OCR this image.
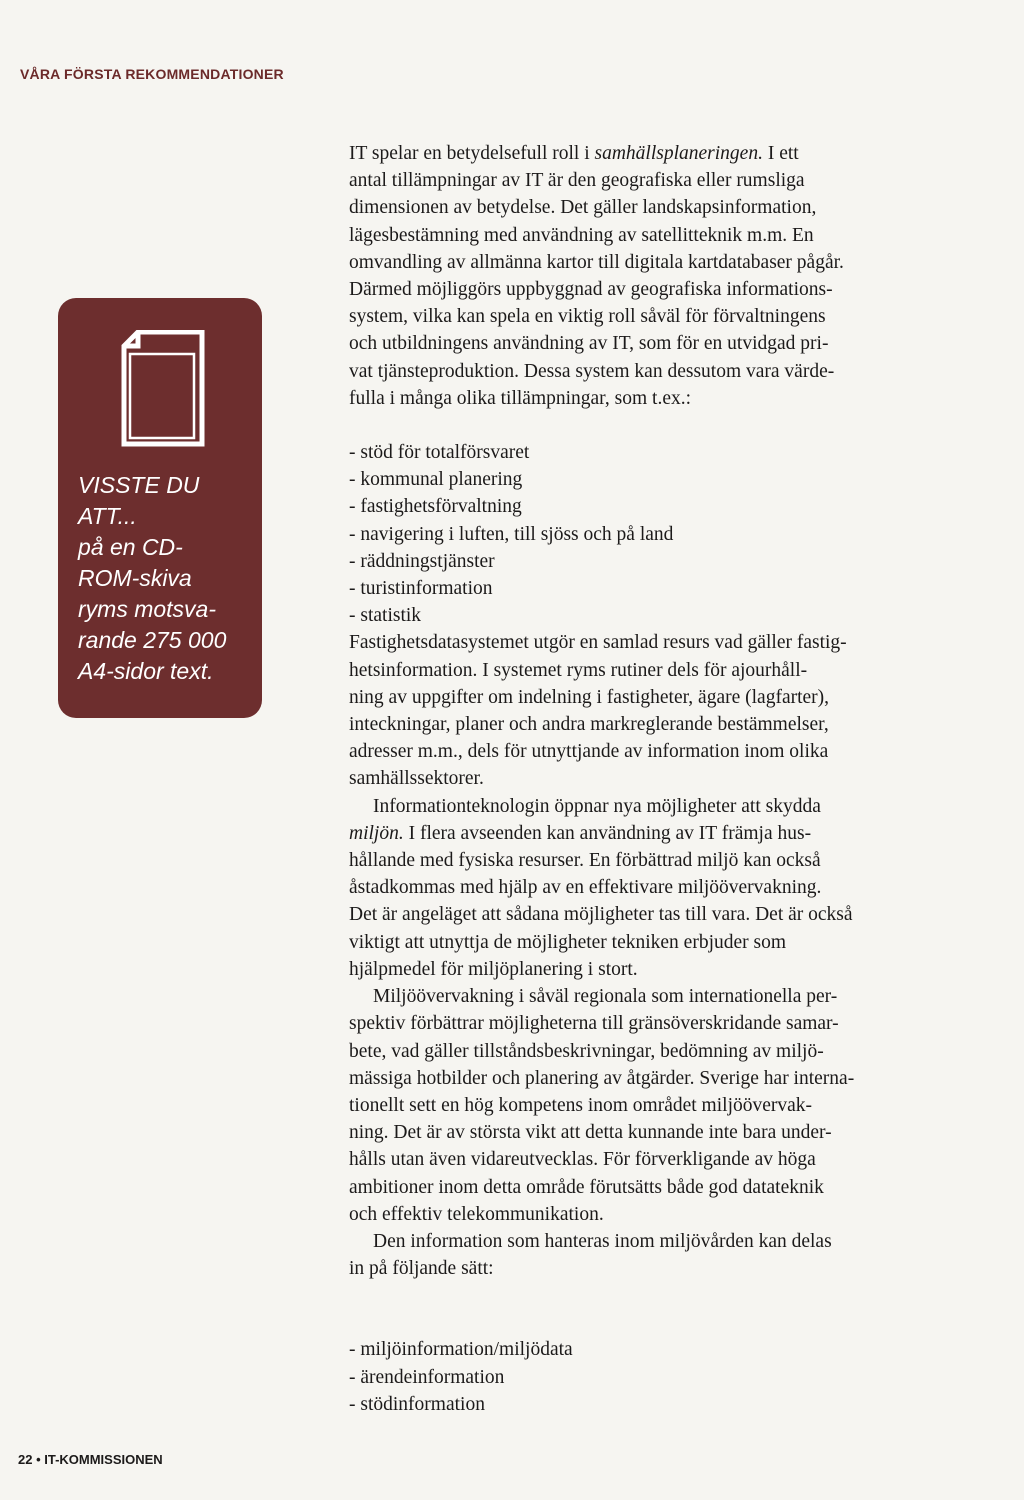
VÅRA FÖRSTA REKOMMENDATIONER

VISSTE DU
ATT...
på en CD-
ROM-skiva
ryms motsva-
rande 275 000
A4-sidor text.

IT spelar en betydelsefull roll i samhällsplaneringen. I ett
antal tillämpningar av IT är den geografiska eller rumsliga
dimensionen av betydelse. Det gäller landskapsinformation,
lägesbestämning med användning av satellitteknik m.m. En
omvandling av allmänna kartor till digitala kartdatabaser pågår.
Därmed möjliggörs uppbyggnad av geografiska informations-
system, vilka kan spela en viktig roll såväl för förvaltningens
och utbildningens användning av IT, som för en utvidgad pri-
vat tjänsteproduktion. Dessa system kan dessutom vara värde-
fulla i många olika tillämpningar, som t.ex.:

- stöd för totalförsvaret
- kommunal planering
- fastighetsförvaltning
- navigering i luften, till sjöss och på land
- räddningstjänster
- turistinformation
- statistik

Fastighetsdatasystemet utgör en samlad resurs vad gäller fastig-
hetsinformation. I systemet ryms rutiner dels för ajourhåll-
ning av uppgifter om indelning i fastigheter, ägare (lagfarter),
inteckningar, planer och andra markreglerande bestämmelser,
adresser m.m., dels för utnyttjande av information inom olika
samhällssektorer.

Informationteknologin öppnar nya möjligheter att skydda
miljön. I flera avseenden kan användning av IT främja hus-
hållande med fysiska resurser. En förbättrad miljö kan också
åstadkommas med hjälp av en effektivare miljöövervakning.
Det är angeläget att sådana möjligheter tas till vara. Det är också
viktigt att utnyttja de möjligheter tekniken erbjuder som
hjälpmedel för miljöplanering i stort.

Miljöövervakning i såväl regionala som internationella per-
spektiv förbättrar möjligheterna till gränsöverskridande samar-
bete, vad gäller tillståndsbeskrivningar, bedömning av miljö-
mässiga hotbilder och planering av åtgärder. Sverige har interna-
tionellt sett en hög kompetens inom området miljöövervak-
ning. Det är av största vikt att detta kunnande inte bara under-
hålls utan även vidareutvecklas. För förverkligande av höga
ambitioner inom detta område förutsätts både god datateknik
och effektiv telekommunikation.

Den information som hanteras inom miljövården kan delas
in på följande sätt:

- miljöinformation/miljödata
- ärendeinformation
- stödinformation
22 • IT-KOMMISSIONEN
